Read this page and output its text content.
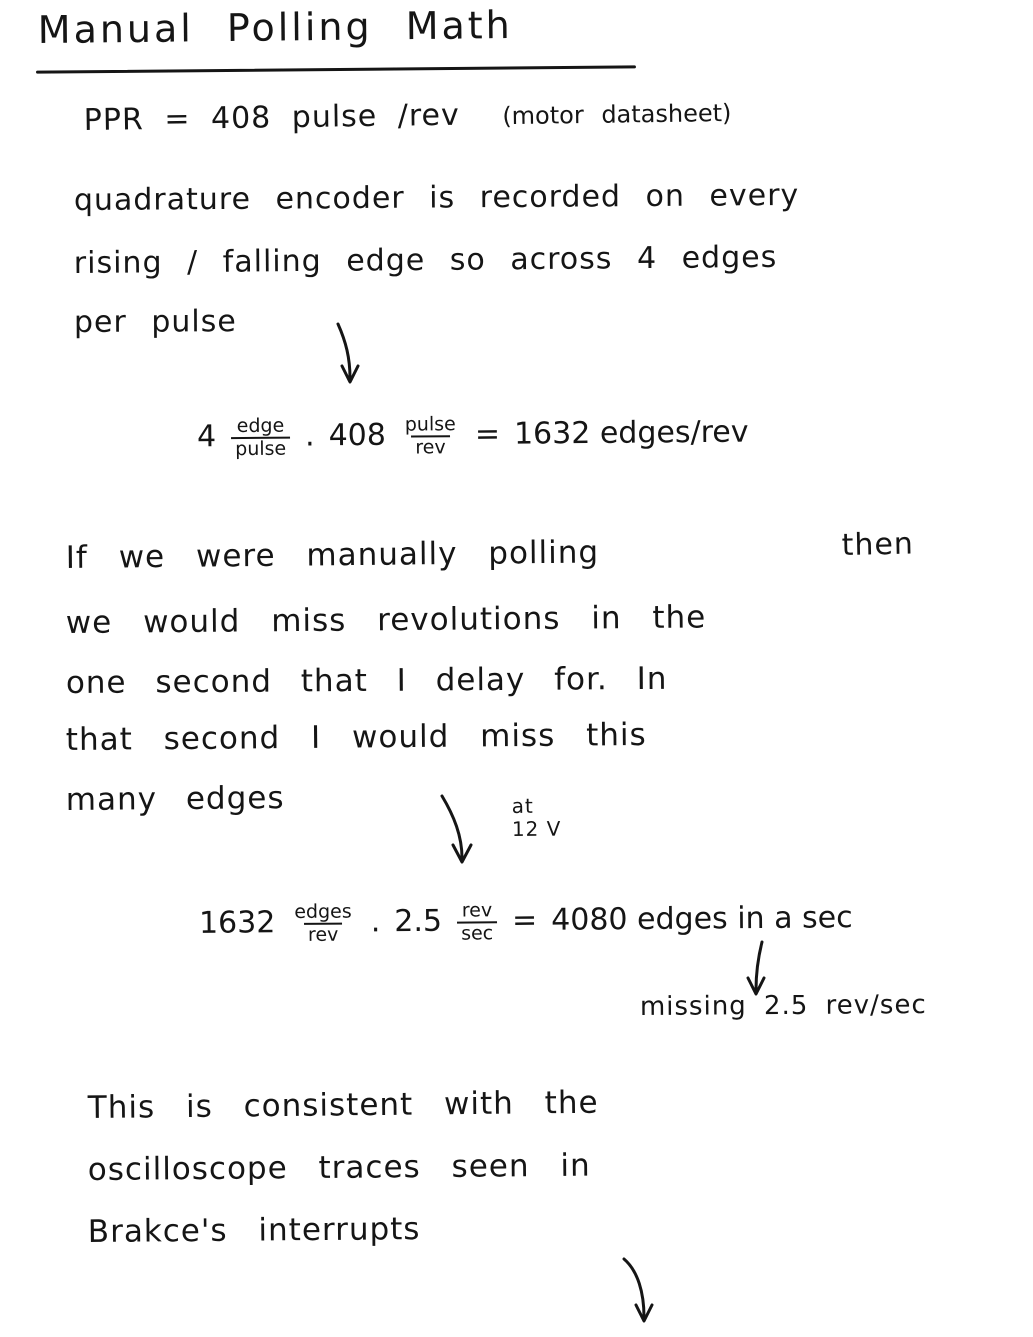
Manual Polling Math
PPR = 408 pulse /rev (motor datasheet)
quadrature encoder is recorded on every
rising / falling edge so across 4 edges
per pulse
$4 \frac{\text{edge}}{\text{pulse}}$ . $408 \frac{\text{pulse}}{\text{rev}} = 1632$ edges/rev
If we were manually polling	then
we would miss revolutions in the
one second that I delay for. In
that second I would miss this
many edges	at
12 V
$1632 \frac{\text{edges}}{\text{rev}}$ . $2.5 \frac{\text{rev}}{\sec} = 4080$ edges in a sec
missing 2.5 rev/sec
This is consistent with the
oscilloscope traces seen in
Brakce's interrupts
